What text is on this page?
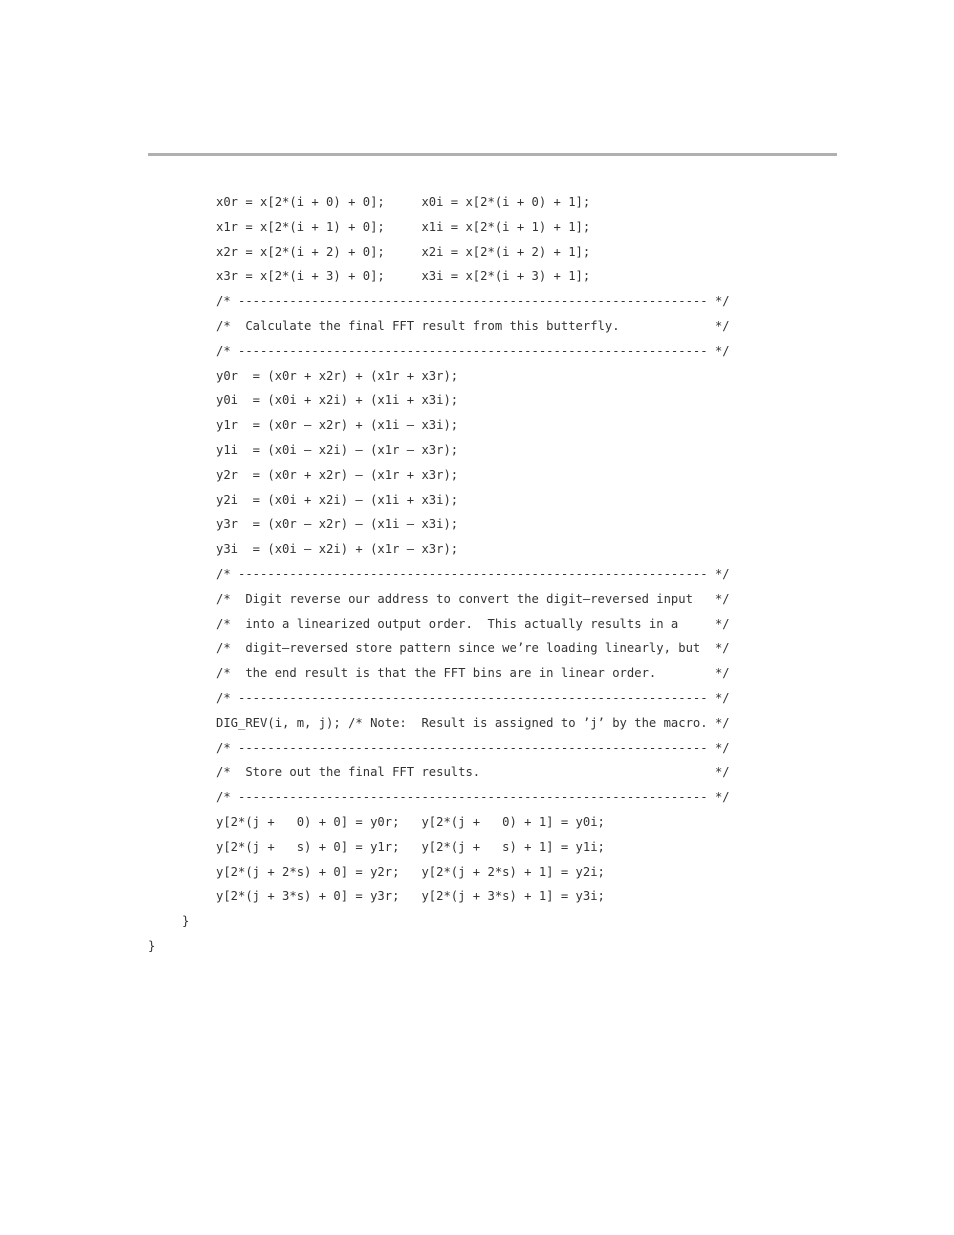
x0r = x[2*(i + 0) + 0];     x0i = x[2*(i + 0) + 1];
x1r = x[2*(i + 1) + 0];     x1i = x[2*(i + 1) + 1];
x2r = x[2*(i + 2) + 0];     x2i = x[2*(i + 2) + 1];
x3r = x[2*(i + 3) + 0];     x3i = x[2*(i + 3) + 1];
/* ---------------------------------------------------------------- */
/*  Calculate the final FFT result from this butterfly.             */
/* ---------------------------------------------------------------- */
y0r  = (x0r + x2r) + (x1r + x3r);
y0i  = (x0i + x2i) + (x1i + x3i);
y1r  = (x0r – x2r) + (x1i – x3i);
y1i  = (x0i – x2i) – (x1r – x3r);
y2r  = (x0r + x2r) – (x1r + x3r);
y2i  = (x0i + x2i) – (x1i + x3i);
y3r  = (x0r – x2r) – (x1i – x3i);
y3i  = (x0i – x2i) + (x1r – x3r);
/* ---------------------------------------------------------------- */
/*  Digit reverse our address to convert the digit–reversed input   */
/*  into a linearized output order.  This actually results in a     */
/*  digit–reversed store pattern since we’re loading linearly, but  */
/*  the end result is that the FFT bins are in linear order.        */
/* ---------------------------------------------------------------- */
DIG_REV(i, m, j); /* Note:  Result is assigned to ’j’ by the macro. */
/* ---------------------------------------------------------------- */
/*  Store out the final FFT results.                                */
/* ---------------------------------------------------------------- */
y[2*(j +   0) + 0] = y0r;   y[2*(j +   0) + 1] = y0i;
y[2*(j +   s) + 0] = y1r;   y[2*(j +   s) + 1] = y1i;
y[2*(j + 2*s) + 0] = y2r;   y[2*(j + 2*s) + 1] = y2i;
y[2*(j + 3*s) + 0] = y3r;   y[2*(j + 3*s) + 1] = y3i;
}
}
